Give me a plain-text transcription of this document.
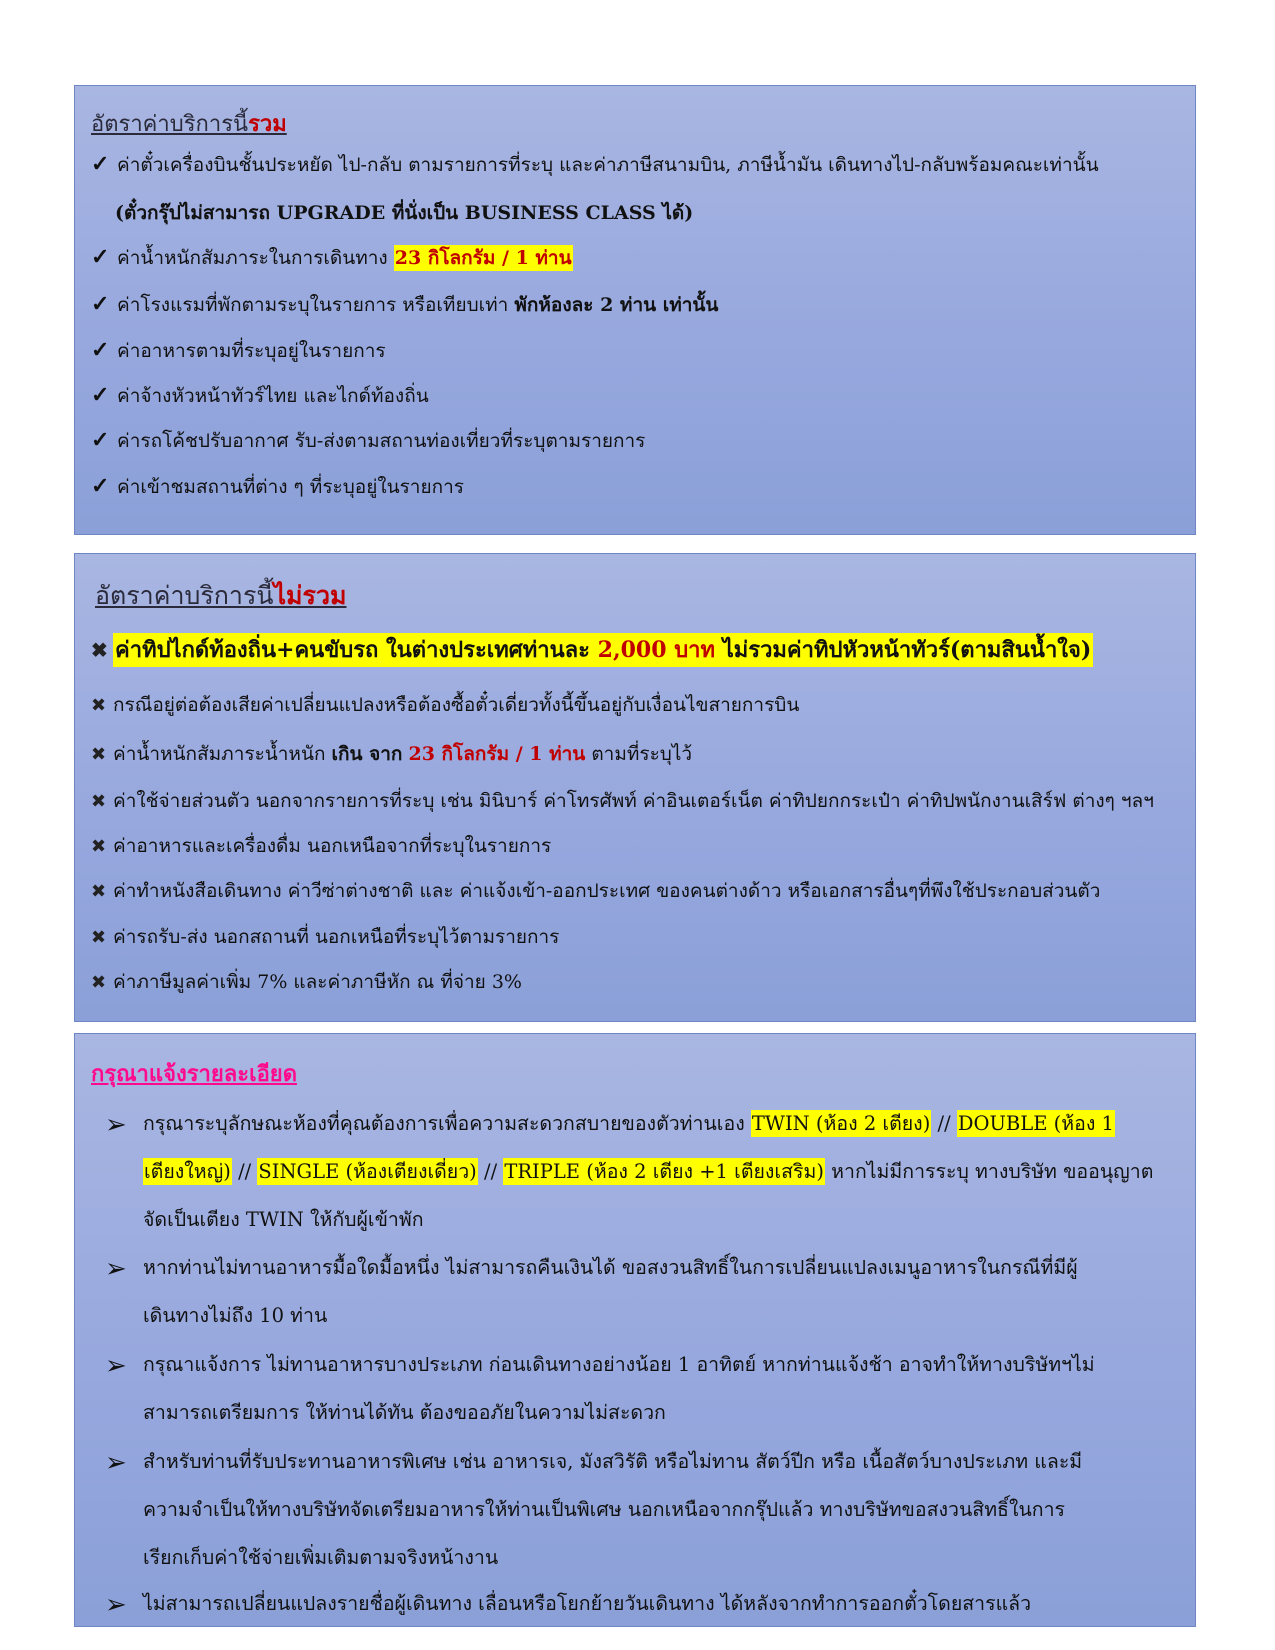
อัตราค่าบริการนี้รวม
✓ ค่าตั๋วเครื่องบินชั้นประหยัด ไป-กลับ ตามรายการที่ระบุ และค่าภาษีสนามบิน, ภาษีน้ำมัน เดินทางไป-กลับพร้อมคณะเท่านั้น
(ตั๋วกรุ๊ปไม่สามารถ UPGRADE ที่นั่งเป็น BUSINESS CLASS ได้)
✓ ค่าน้ำหนักสัมภาระในการเดินทาง 23 กิโลกรัม / 1 ท่าน
✓ ค่าโรงแรมที่พักตามระบุในรายการ หรือเทียบเท่า พักห้องละ 2 ท่าน เท่านั้น
✓ ค่าอาหารตามที่ระบุอยู่ในรายการ
✓ ค่าจ้างหัวหน้าทัวร์ไทย และไกด์ท้องถิ่น
✓ ค่ารถโค้ชปรับอากาศ รับ-ส่งตามสถานท่องเที่ยวที่ระบุตามรายการ
✓ ค่าเข้าชมสถานที่ต่าง ๆ ที่ระบุอยู่ในรายการ
อัตราค่าบริการนี้ไม่รวม
✖ ค่าทิปไกด์ท้องถิ่น+คนขับรถ ในต่างประเทศท่านละ 2,000 บาท ไม่รวมค่าทิปหัวหน้าทัวร์(ตามสินน้ำใจ)
✖ กรณีอยู่ต่อต้องเสียค่าเปลี่ยนแปลงหรือต้องซื้อตั๋วเดี่ยวทั้งนี้ขึ้นอยู่กับเงื่อนไขสายการบิน
✖ ค่าน้ำหนักสัมภาระน้ำหนัก เกิน จาก 23 กิโลกรัม / 1 ท่าน ตามที่ระบุไว้
✖ ค่าใช้จ่ายส่วนตัว นอกจากรายการที่ระบุ เช่น มินิบาร์ ค่าโทรศัพท์ ค่าอินเตอร์เน็ต ค่าทิปยกกระเป๋า ค่าทิปพนักงานเสิร์ฟ ต่างๆ ฯลฯ
✖ ค่าอาหารและเครื่องดื่ม นอกเหนือจากที่ระบุในรายการ
✖ ค่าทำหนังสือเดินทาง ค่าวีซ่าต่างชาติ และ ค่าแจ้งเข้า-ออกประเทศ ของคนต่างด้าว หรือเอกสารอื่นๆที่พึงใช้ประกอบส่วนตัว
✖ ค่ารถรับ-ส่ง นอกสถานที่ นอกเหนือที่ระบุไว้ตามรายการ
✖ ค่าภาษีมูลค่าเพิ่ม 7% และค่าภาษีหัก ณ ที่จ่าย 3%
กรุณาแจ้งรายละเอียด
➢ กรุณาระบุลักษณะห้องที่คุณต้องการเพื่อความสะดวกสบายของตัวท่านเอง TWIN (ห้อง 2 เตียง) // DOUBLE (ห้อง 1
เตียงใหญ่) // SINGLE (ห้องเตียงเดี่ยว) // TRIPLE (ห้อง 2 เตียง +1 เตียงเสริม) หากไม่มีการระบุ ทางบริษัท ขออนุญาต
จัดเป็นเตียง TWIN ให้กับผู้เข้าพัก
➢ หากท่านไม่ทานอาหารมื้อใดมื้อหนึ่ง ไม่สามารถคืนเงินได้ ขอสงวนสิทธิ์ในการเปลี่ยนแปลงเมนูอาหารในกรณีที่มีผู้
เดินทางไม่ถึง 10 ท่าน
➢ กรุณาแจ้งการ ไม่ทานอาหารบางประเภท ก่อนเดินทางอย่างน้อย 1 อาทิตย์ หากท่านแจ้งช้า อาจทำให้ทางบริษัทฯไม่
สามารถเตรียมการ ให้ท่านได้ทัน ต้องขออภัยในความไม่สะดวก
➢ สำหรับท่านที่รับประทานอาหารพิเศษ เช่น อาหารเจ, มังสวิรัติ หรือไม่ทาน สัตว์ปีก หรือ เนื้อสัตว์บางประเภท และมี
ความจำเป็นให้ทางบริษัทจัดเตรียมอาหารให้ท่านเป็นพิเศษ นอกเหนือจากกรุ๊ปแล้ว ทางบริษัทขอสงวนสิทธิ์ในการ
เรียกเก็บค่าใช้จ่ายเพิ่มเติมตามจริงหน้างาน
➢ ไม่สามารถเปลี่ยนแปลงรายชื่อผู้เดินทาง เลื่อนหรือโยกย้ายวันเดินทาง ได้หลังจากทำการออกตั๋วโดยสารแล้ว
